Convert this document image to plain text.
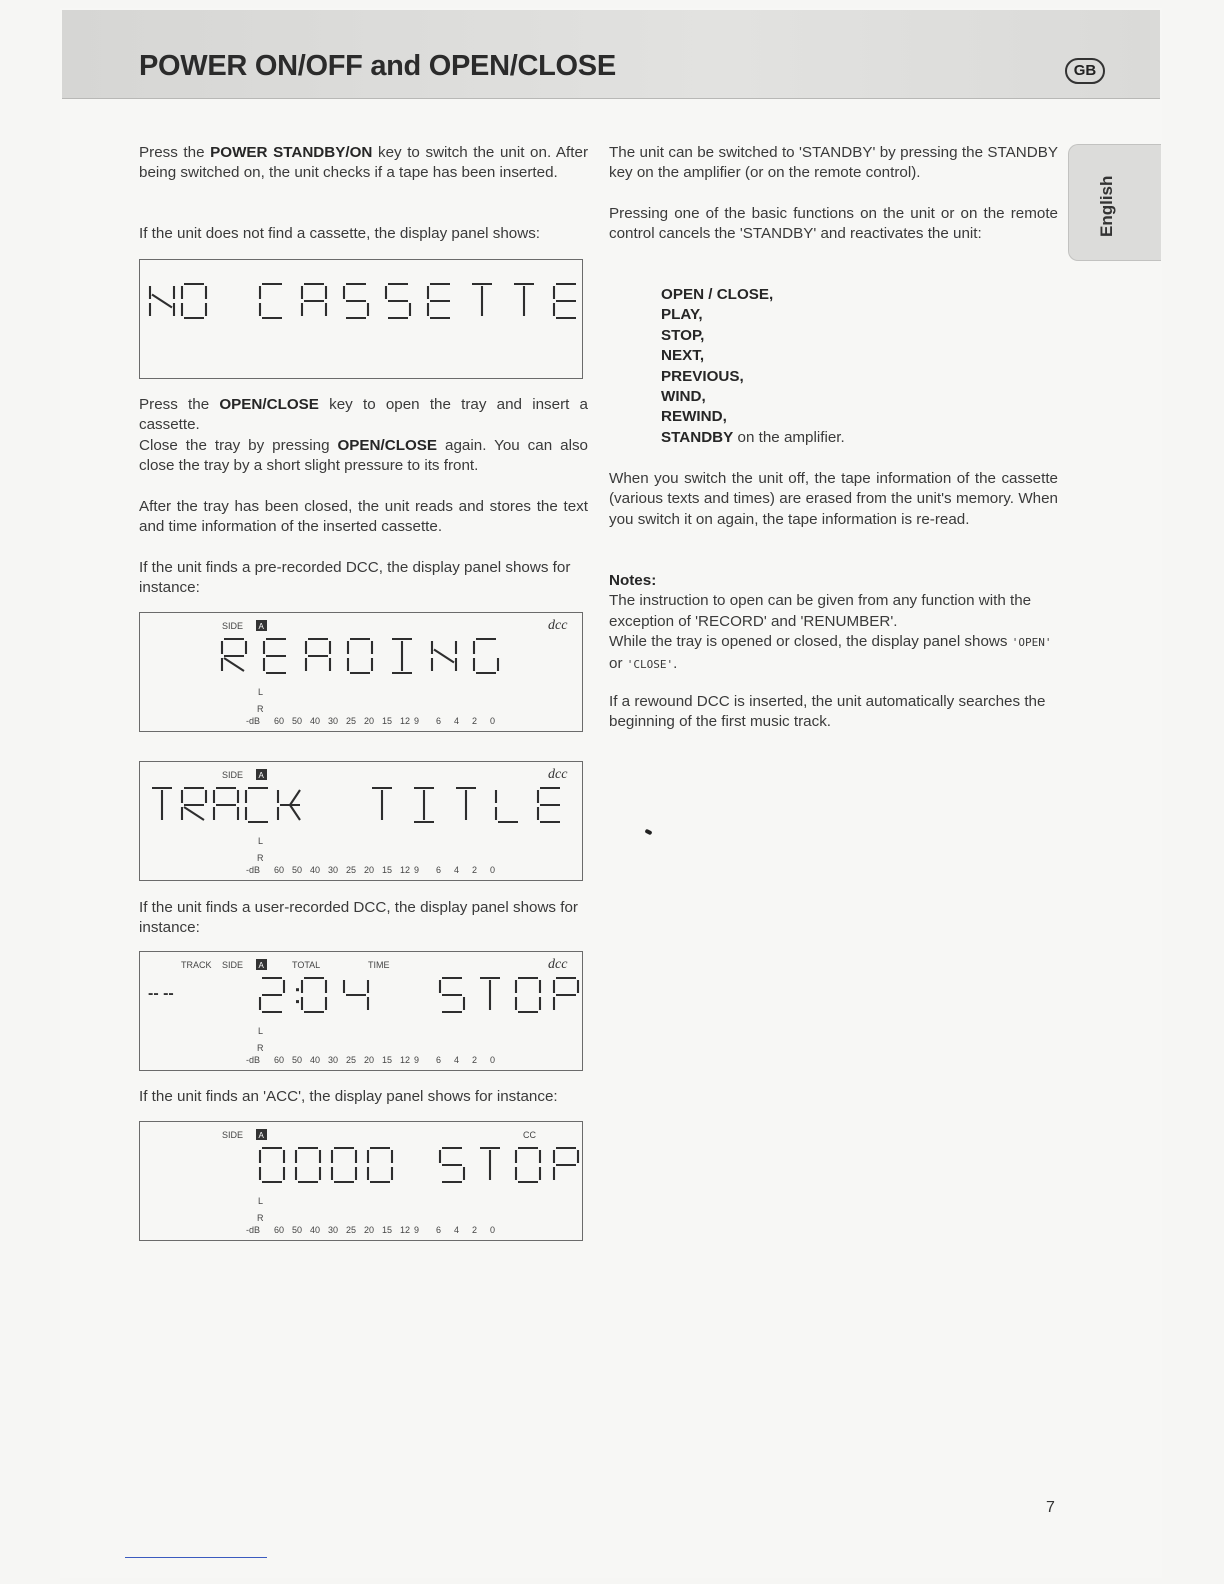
POWER ON/OFF and OPEN/CLOSE	GB
English

Press the POWER STANDBY/ON key to switch the unit on. After being switched on, the unit checks if a tape has been inserted.

If the unit does not find a cassette, the display panel shows:

Press the OPEN/CLOSE key to open the tray and insert a cassette.

Close the tray by pressing OPEN/CLOSE again. You can also close the tray by a short slight pressure to its front.

After the tray has been closed, the unit reads and stores the text and time information of the inserted cassette.

If the unit finds a pre-recorded DCC, the display panel shows for instance:

SIDE A	dcc
L
R
-dB 60 50 40 30 25 20 15 12 9 6 4 2 0
SIDE A	dcc
L
R
-dB 60 50 40 30 25 20 15 12 9 6 4 2 0

If the unit finds a user-recorded DCC, the display panel shows for instance:

TRACK SIDE A	TOTAL	TIME	dcc
-- --
L
R
-dB 60 50 40 30 25 20 15 12 9 6 4 2 0

If the unit finds an 'ACC', the display panel shows for instance:

SIDE A	CC
L
R
-dB 60 50 40 30 25 20 15 12 9 6 4 2 0

The unit can be switched to 'STANDBY' by pressing the STANDBY key on the amplifier (or on the remote control).

Pressing one of the basic functions on the unit or on the remote control cancels the 'STANDBY' and reactivates the unit:

OPEN / CLOSE,
PLAY,
STOP,
NEXT,
PREVIOUS,
WIND,
REWIND,

STANDBY on the amplifier.

When you switch the unit off, the tape information of the cassette (various texts and times) are erased from the unit's memory. When you switch it on again, the tape information is re-read.

Notes:

The instruction to open can be given from any function with the exception of 'RECORD' and 'RENUMBER'.

While the tray is opened or closed, the display panel shows 'OPEN' or 'CLOSE'.

If a rewound DCC is inserted, the unit automatically searches the beginning of the first music track.

7
